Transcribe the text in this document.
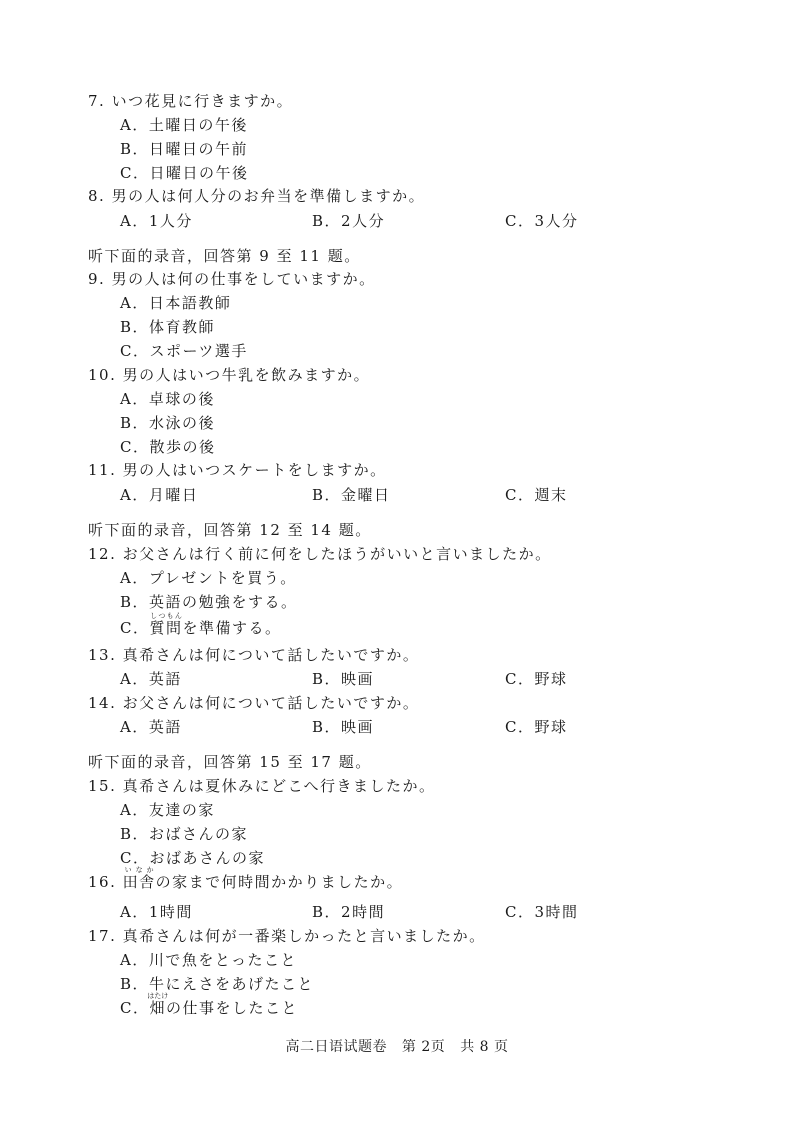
7. いつ花見に行きますか。
A．土曜日の午後
B．日曜日の午前
C．日曜日の午後
8. 男の人は何人分のお弁当を準備しますか。
A．1人分	B．2人分	C．3人分
听下面的录音，回答第 9 至 11 题。
9. 男の人は何の仕事をしていますか。
A．日本語教師
B．体育教師
C．スポーツ選手
10. 男の人はいつ牛乳を飲みますか。
A．卓球の後
B．水泳の後
C．散歩の後
11. 男の人はいつスケートをしますか。
A．月曜日	B．金曜日	C．週末
听下面的录音，回答第 12 至 14 题。
12. お父さんは行く前に何をしたほうがいいと言いましたか。
A．プレゼントを買う。
B．英語の勉強をする。
C．質問しつもんを準備する。
13. 真希さんは何について話したいですか。
A．英語	B．映画	C．野球
14. お父さんは何について話したいですか。
A．英語	B．映画	C．野球
听下面的录音，回答第 15 至 17 题。
15. 真希さんは夏休みにどこへ行きましたか。
A．友達の家
B．おばさんの家
C．おばあさんの家
16. 田舎いなかの家まで何時間かかりましたか。
A．1時間	B．2時間	C．3時間
17. 真希さんは何が一番楽しかったと言いましたか。
A．川で魚をとったこと
B．牛にえさをあげたこと
C．畑はたけの仕事をしたこと
高二日语试题卷 第 2页 共 8 页
